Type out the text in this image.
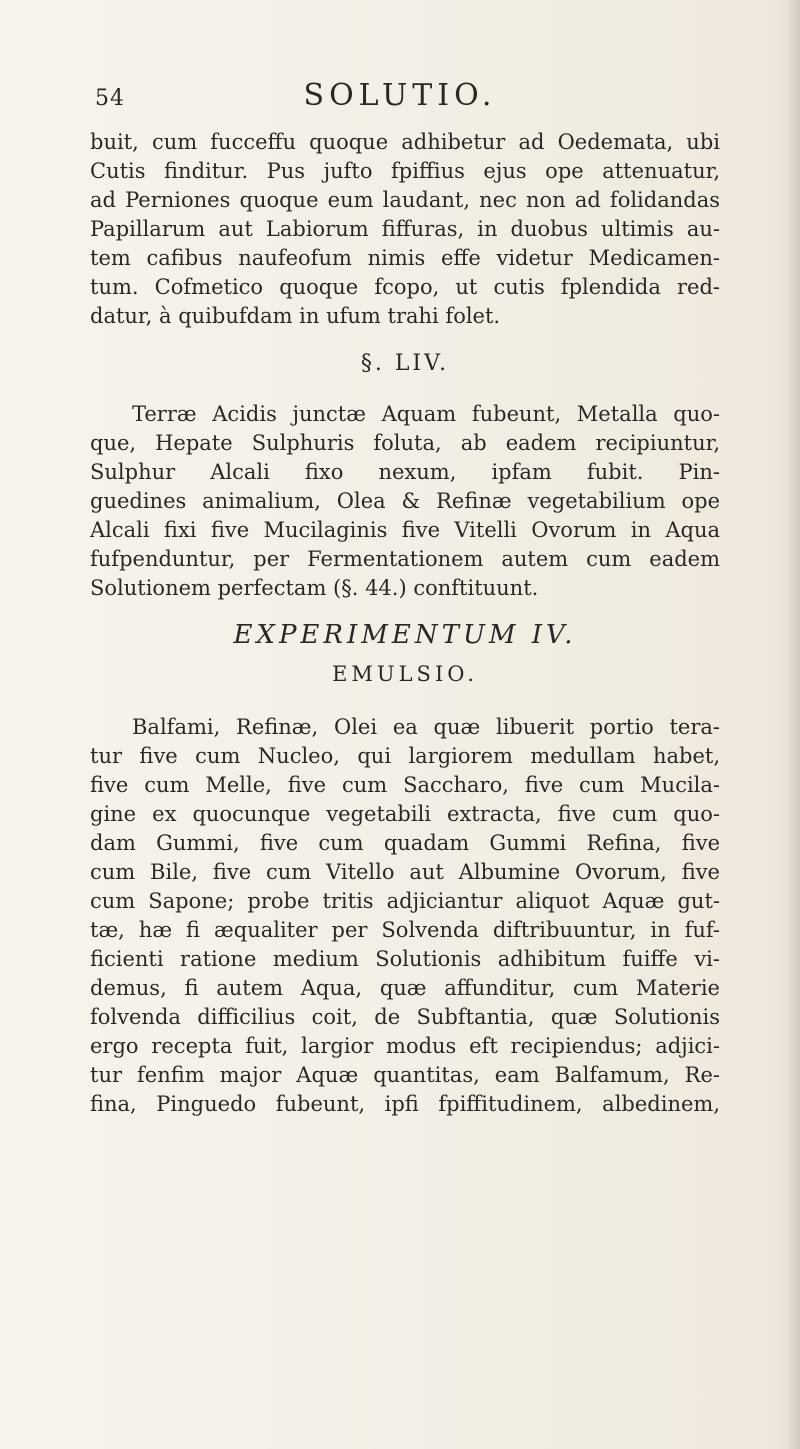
54	SOLUTIO.
buit, cum fucceffu quoque adhibetur ad Oedemata, ubi
Cutis finditur. Pus jufto fpiffius ejus ope attenuatur,
ad Perniones quoque eum laudant, nec non ad folidandas
Papillarum aut Labiorum fiffuras, in duobus ultimis au-
tem cafibus naufeofum nimis effe videtur Medicamen-
tum. Cofmetico quoque fcopo, ut cutis fplendida red-
datur, à quibufdam in ufum trahi folet.
§. LIV.
Terræ Acidis junctæ Aquam fubeunt, Metalla quo-
que, Hepate Sulphuris foluta, ab eadem recipiuntur,
Sulphur Alcali fixo nexum, ipfam fubit. Pin-
guedines animalium, Olea & Refinæ vegetabilium ope
Alcali fixi five Mucilaginis five Vitelli Ovorum in Aqua
fufpenduntur, per Fermentationem autem cum eadem
Solutionem perfectam (§. 44.) conftituunt.
EXPERIMENTUM IV.
EMULSIO.
Balfami, Refinæ, Olei ea quæ libuerit portio tera-
tur five cum Nucleo, qui largiorem medullam habet,
five cum Melle, five cum Saccharo, five cum Mucila-
gine ex quocunque vegetabili extracta, five cum quo-
dam Gummi, five cum quadam Gummi Refina, five
cum Bile, five cum Vitello aut Albumine Ovorum, five
cum Sapone; probe tritis adjiciantur aliquot Aquæ gut-
tæ, hæ fi æqualiter per Solvenda diftribuuntur, in fuf-
ficienti ratione medium Solutionis adhibitum fuiffe vi-
demus, fi autem Aqua, quæ affunditur, cum Materie
folvenda difficilius coit, de Subftantia, quæ Solutionis
ergo recepta fuit, largior modus eft recipiendus; adjici-
tur fenfim major Aquæ quantitas, eam Balfamum, Re-
fina, Pinguedo fubeunt, ipfi fpiffitudinem, albedinem,
